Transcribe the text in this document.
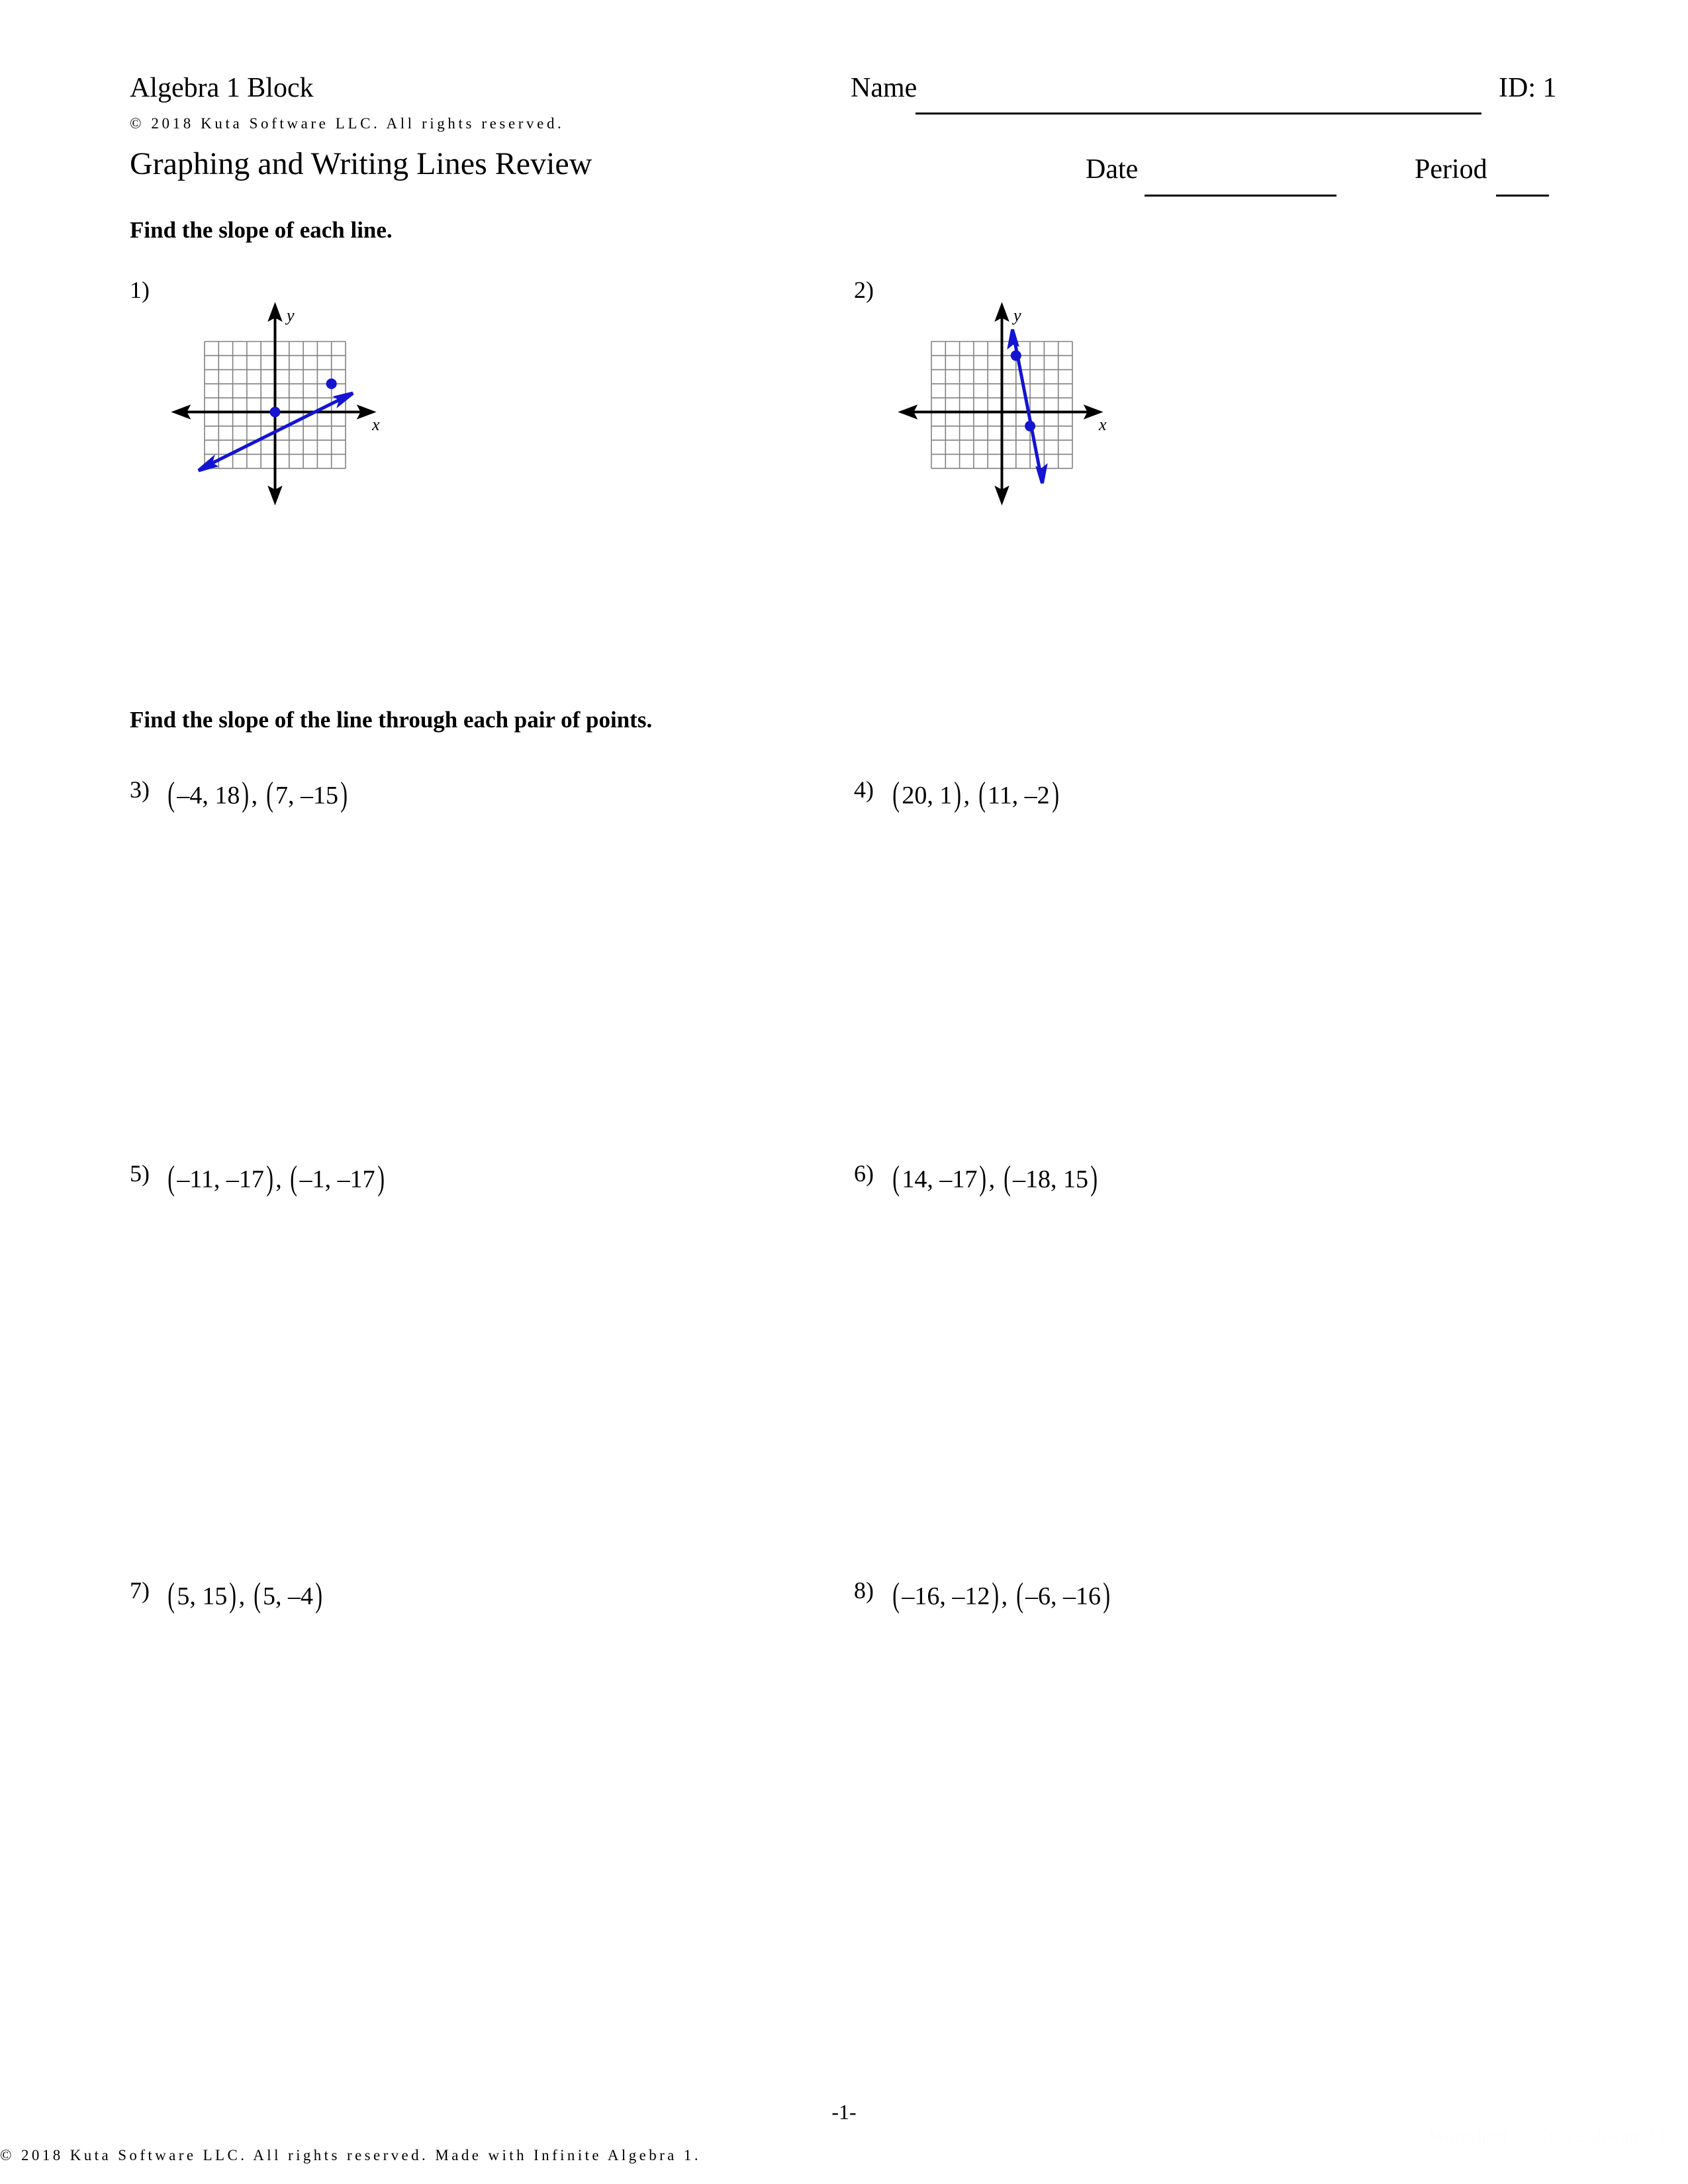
Algebra 1 Block
© 2018 Kuta Software LLC. All rights reserved.
Graphing and Writing Lines Review
Name	ID: 1
Date	Period
Find the slope of each line.
1)
y
x
2)
y
x
Find the slope of the line through each pair of points.
3) (–4, 18), (7, –15)	4) (20, 1), (11, –2)
5) (–11, –17), (–1, –17)	6) (14, –17), (–18, 15)
7) (5, 15), (5, –4)	8) (–16, –12), (–6, –16)
-1-
Worksheet by Kuta Software LLC
© 2018 Kuta Software LLC. All rights reserved. Made with Infinite Algebra 1.
